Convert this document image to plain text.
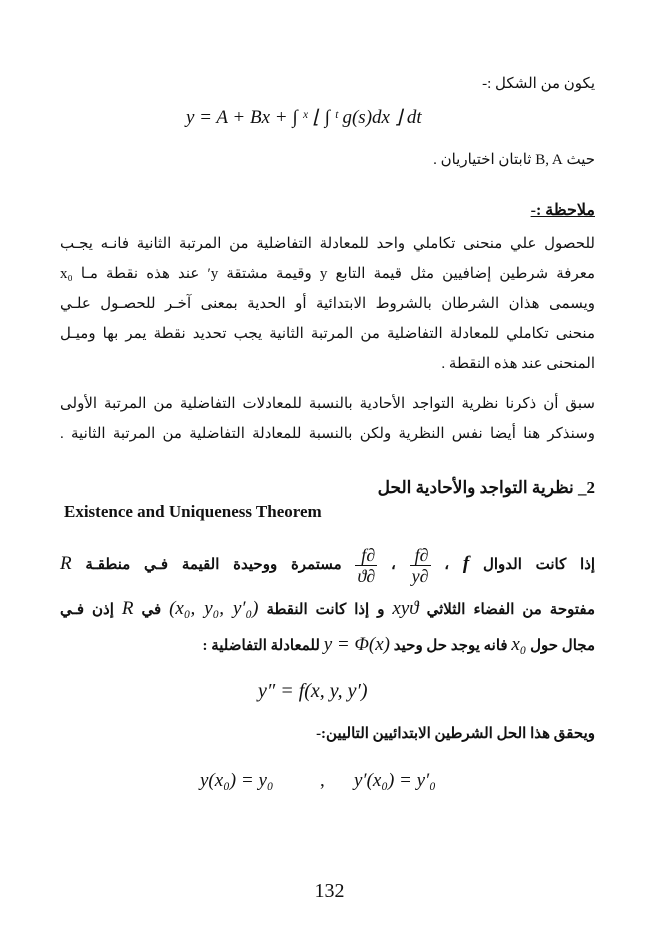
يكون من الشكل :-
y = A + Bx + ∫ ˣ ⌊ ∫ ᵗ g(s)dx ⌋ dt
حيث B, A ثابتان اختياريان .
ملاحظة :-
للحصول علي منحنى تكاملي واحد للمعادلة التفاضلية من المرتبة الثانية فانـه يجـب
معرفة شرطين إضافيين مثل قيمة التابع y وقيمة مشتقة y′ عند هذه نقطة مـا x₀
ويسمى هذان الشرطان بالشروط الابتدائية أو الحدية بمعنى آخـر للحصـول علـي
منحنى تكاملي للمعادلة التفاضلية من المرتبة الثانية يجب تحديد نقطة يمر بها وميـل
المنحنى عند هذه النقطة .
سبق أن ذكرنا نظرية التواجد الأحادية بالنسبة للمعادلات التفاضلية من المرتبة الأولى
وسنذكر هنا أيضا نفس النظرية ولكن بالنسبة للمعادلة التفاضلية من المرتبة الثانية .
2_ نظرية التواجد والأحادية الحل
Existence and Uniqueness Theorem
إذا كانت الدوال f ،
$\frac{\partial f}{\partial y}$
،
$\frac{\partial f}{\partial ϑ}$
مستمرة ووحيدة القيمة فـي منطقـة R
مفتوحة من الفضاء الثلاثي xyϑ و إذا كانت النقطة (x₀, y₀, y′₀) في R إذن فـي
مجال حول x₀ فانه يوجد حل وحيد y = Φ(x) للمعادلة التفاضلية :
y″ = f(x, y, y′)
ويحقق هذا الحل الشرطين الابتدائيين التاليين:-
y(x₀) = y₀ , y′(x₀) = y′₀
132
